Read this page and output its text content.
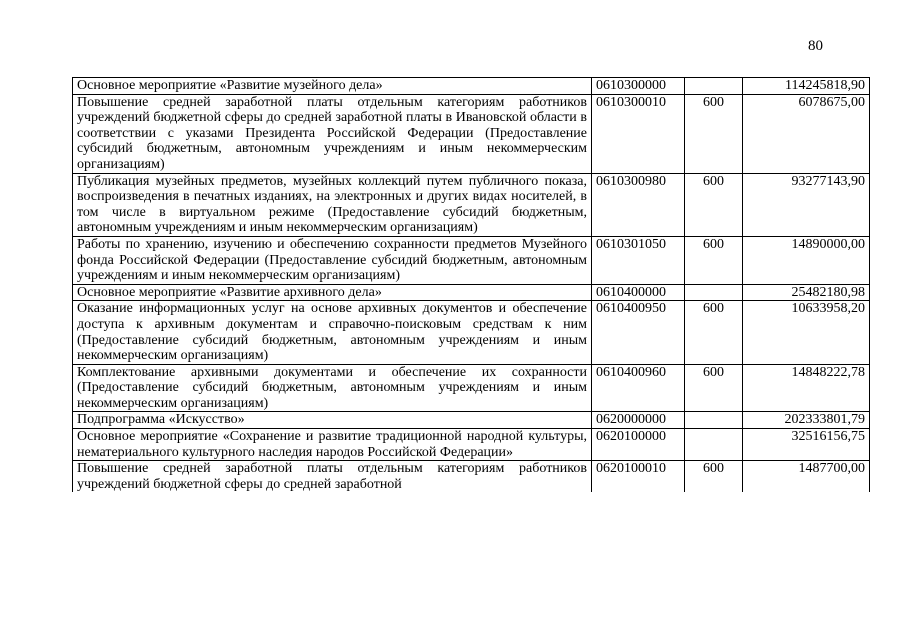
80
Основное мероприятие «Развитие музейного дела»	0610300000		114245818,90
Повышение средней заработной платы отдельным категориям работников учреждений бюджетной сферы до средней заработной платы в Ивановской области в соответствии с указами Президента Российской Федерации (Предоставление субсидий бюджетным, автономным учреждениям и иным некоммерческим организациям)	0610300010	600	6078675,00
Публикация музейных предметов, музейных коллекций путем публичного показа, воспроизведения в печатных изданиях, на электронных и других видах носителей, в том числе в виртуальном режиме (Предоставление субсидий бюджетным, автономным учреждениям и иным некоммерческим организациям)	0610300980	600	93277143,90
Работы по хранению, изучению и обеспечению сохранности предметов Музейного фонда Российской Федерации (Предоставление субсидий бюджетным, автономным учреждениям и иным некоммерческим организациям)	0610301050	600	14890000,00
Основное мероприятие «Развитие архивного дела»	0610400000		25482180,98
Оказание информационных услуг на основе архивных документов и обеспечение доступа к архивным документам и справочно-поисковым средствам к ним (Предоставление субсидий бюджетным, автономным учреждениям и иным некоммерческим организациям)	0610400950	600	10633958,20
Комплектование архивными документами и обеспечение их сохранности (Предоставление субсидий бюджетным, автономным учреждениям и иным некоммерческим организациям)	0610400960	600	14848222,78
Подпрограмма «Искусство»	0620000000		202333801,79
Основное мероприятие «Сохранение и развитие традиционной народной культуры, нематериального культурного наследия народов Российской Федерации»	0620100000		32516156,75
Повышение средней заработной платы отдельным категориям работников учреждений бюджетной сферы до средней заработной	0620100010	600	1487700,00
